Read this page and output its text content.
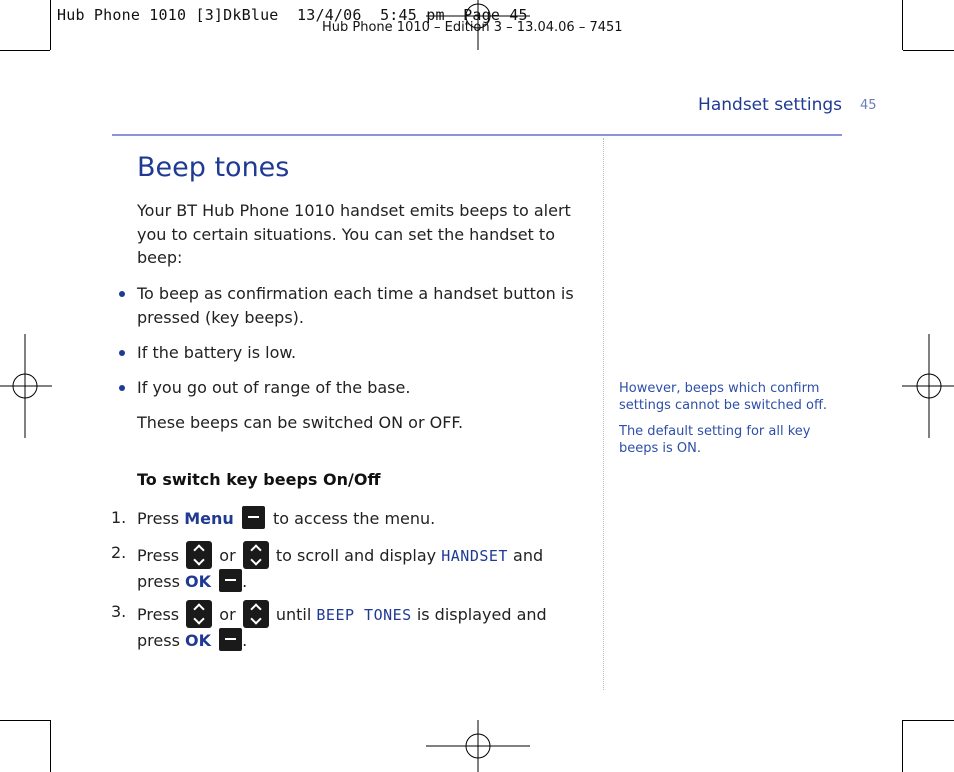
Hub Phone 1010 [3]DkBlue  13/4/06  5:45 pm  Page 45
Hub Phone 1010 – Edition 3 – 13.04.06 – 7451
Handset settings 45
Beep tones
Your BT Hub Phone 1010 handset emits beeps to alert you to certain situations. You can set the handset to beep:
To beep as confirmation each time a handset button is pressed (key beeps).
If the battery is low.
If you go out of range of the base.
These beeps can be switched ON or OFF.
To switch key beeps On/Off
1. Press Menu to access the menu.
2. Press	or	to scroll and display HANDSET and
press OK .
3. Press	or	until BEEP TONES is displayed and
press OK .
However, beeps which confirm settings cannot be switched off.
The default setting for all key beeps is ON.
